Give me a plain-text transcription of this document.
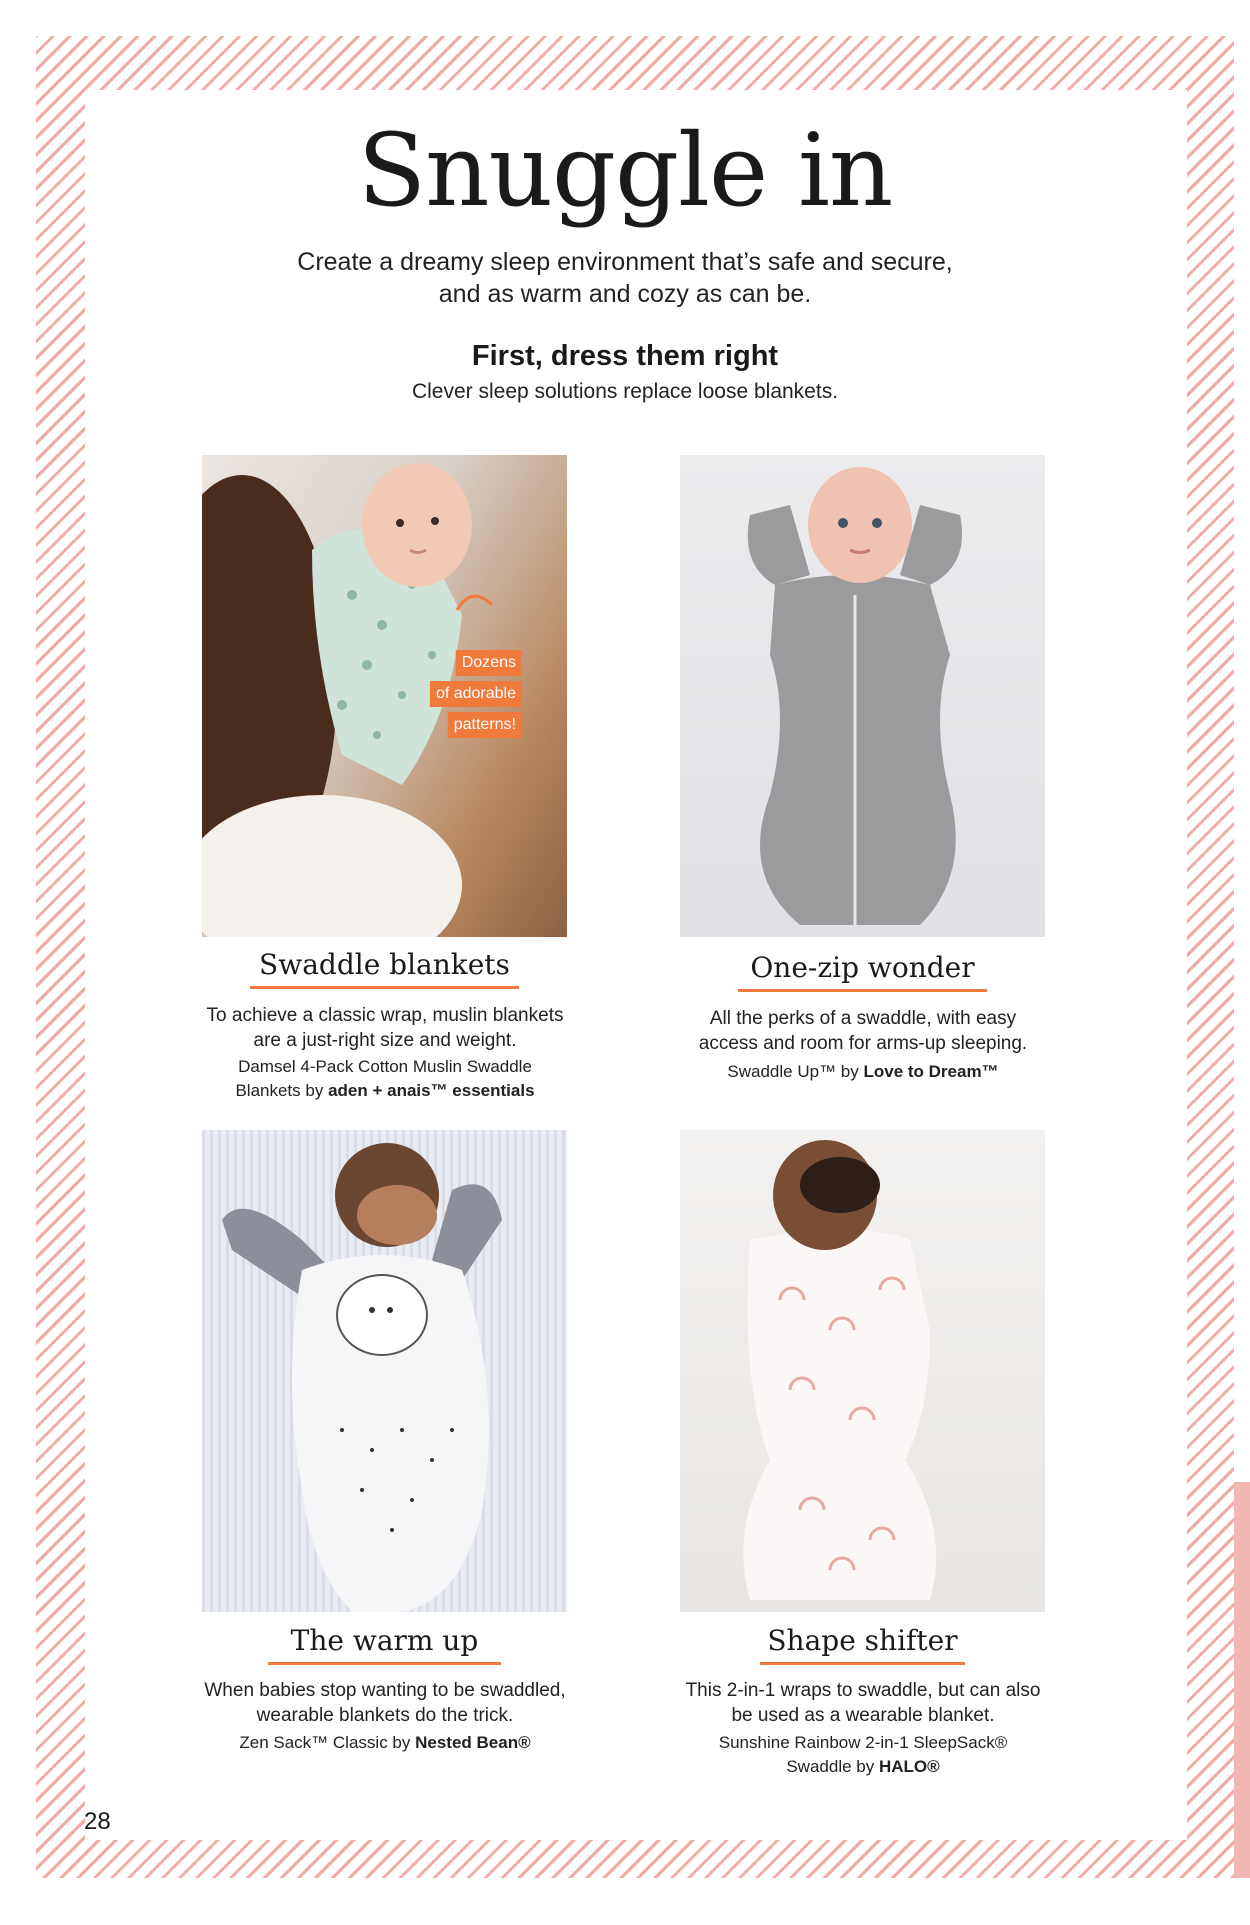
Snuggle in
Create a dreamy sleep environment that’s safe and secure,
and as warm and cozy as can be.
First, dress them right
Clever sleep solutions replace loose blankets.
Dozens
of adorable
patterns!
Swaddle blankets
To achieve a classic wrap, muslin blankets
are a just-right size and weight.
Damsel 4-Pack Cotton Muslin Swaddle
Blankets by aden + anais™ essentials
One-zip wonder
All the perks of a swaddle, with easy
access and room for arms-up sleeping.
Swaddle Up™ by Love to Dream™
The warm up
When babies stop wanting to be swaddled,
wearable blankets do the trick.
Zen Sack™ Classic by Nested Bean®
Shape shifter
This 2-in-1 wraps to swaddle, but can also
be used as a wearable blanket.
Sunshine Rainbow 2-in-1 SleepSack®
Swaddle by HALO®
28
